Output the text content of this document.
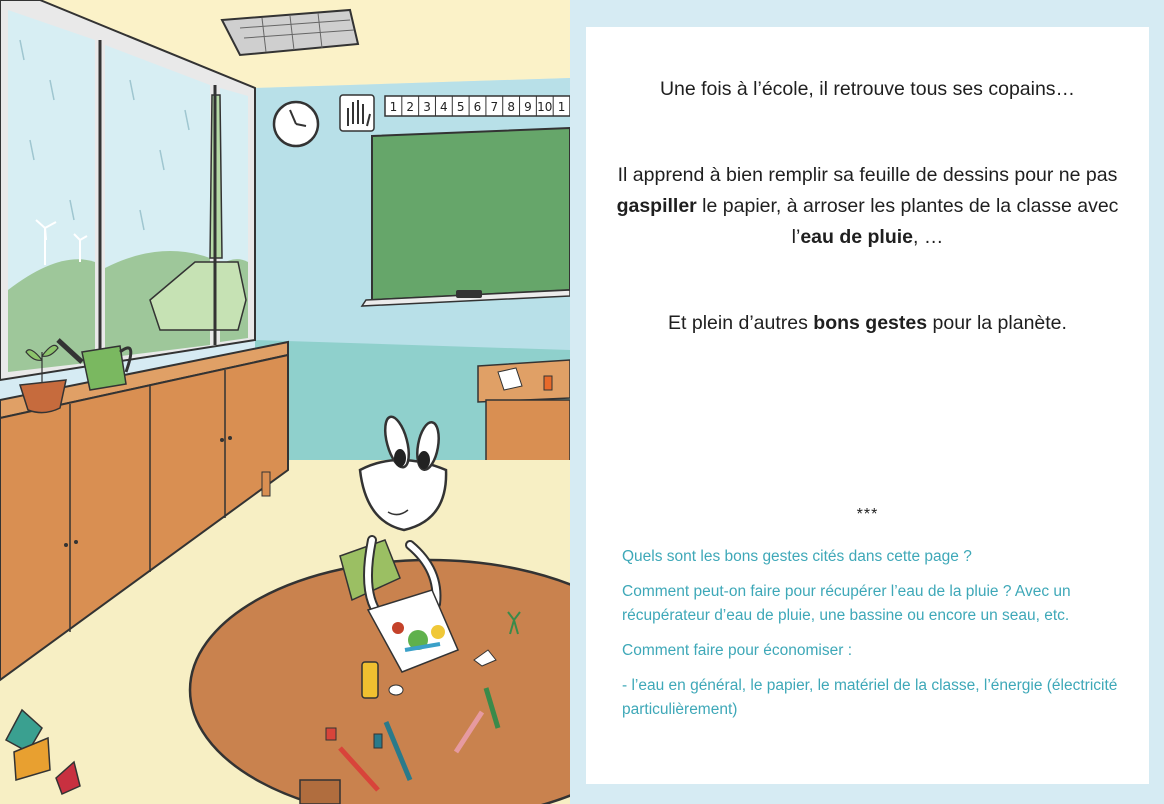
1 2 3 4 5 6 7 8 9 10 1

Une fois à l’école, il retrouve tous ses copains…

Il apprend à bien remplir sa feuille de dessins pour ne pas gaspiller le papier, à arroser les plantes de la classe avec l’eau de pluie, …

Et plein d’autres bons gestes pour la planète.

***

Quels sont les bons gestes cités dans cette page ?

Comment peut-on faire pour récupérer l’eau de la pluie ? Avec un récupérateur d’eau de pluie, une bassine ou encore un seau, etc.

Comment faire pour économiser :

- l’eau en général, le papier, le matériel de la classe, l’énergie (électricité particulièrement)
